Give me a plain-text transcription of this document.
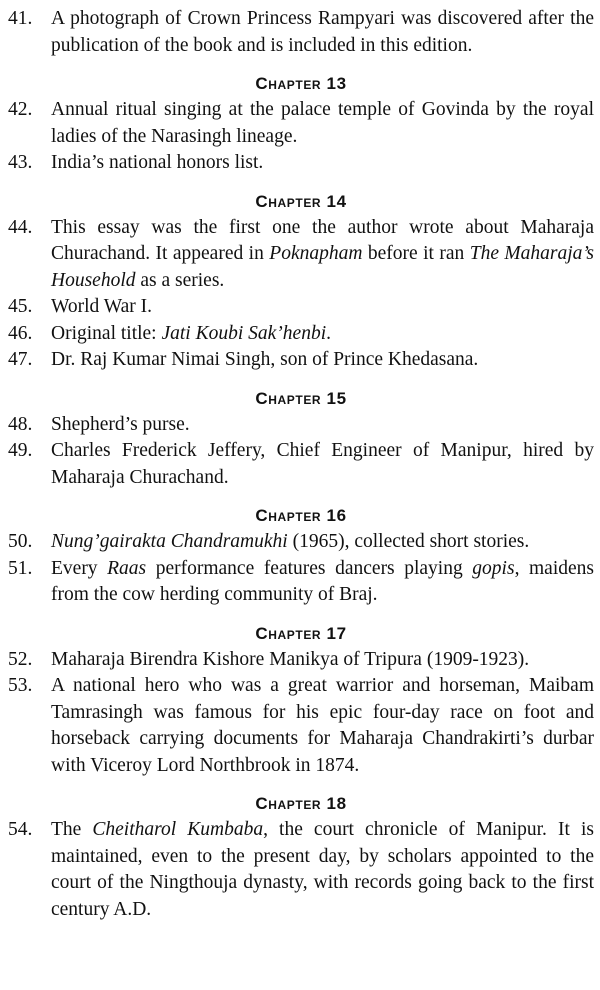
41. A photograph of Crown Princess Rampyari was discovered after the publication of the book and is included in this edition.
Chapter 13
42. Annual ritual singing at the palace temple of Govinda by the royal ladies of the Narasingh lineage.
43. India’s national honors list.
Chapter 14
44. This essay was the first one the author wrote about Maharaja Churachand. It appeared in Poknapham before it ran The Maharaja’s Household as a series.
45. World War I.
46. Original title: Jati Koubi Sak’henbi.
47. Dr. Raj Kumar Nimai Singh, son of Prince Khedasana.
Chapter 15
48. Shepherd’s purse.
49. Charles Frederick Jeffery, Chief Engineer of Manipur, hired by Maharaja Churachand.
Chapter 16
50. Nung’gairakta Chandramukhi (1965), collected short stories.
51. Every Raas performance features dancers playing gopis, maidens from the cow herding community of Braj.
Chapter 17
52. Maharaja Birendra Kishore Manikya of Tripura (1909-1923).
53. A national hero who was a great warrior and horseman, Maibam Tamrasingh was famous for his epic four-day race on foot and horseback carrying documents for Maharaja Chandrakirti’s durbar with Viceroy Lord Northbrook in 1874.
Chapter 18
54. The Cheitharol Kumbaba, the court chronicle of Manipur. It is maintained, even to the present day, by scholars appointed to the court of the Ningthouja dynasty, with records going back to the first century A.D.
